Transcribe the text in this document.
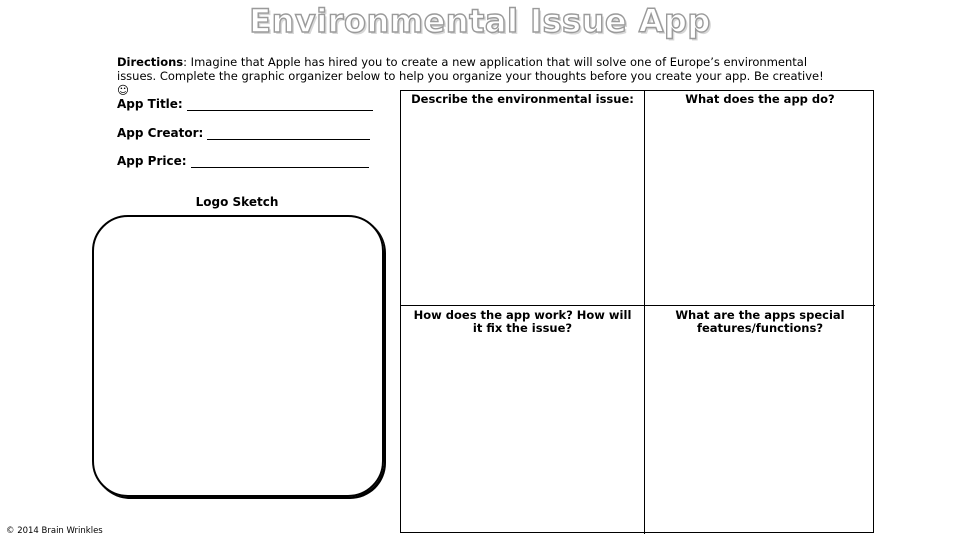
Environmental Issue App
Directions: Imagine that Apple has hired you to create a new application that will solve one of Europe’s environmental issues. Complete the graphic organizer below to help you organize your thoughts before you create your app. Be creative! ☺
App Title:
App Creator:
App Price:
Logo Sketch
Describe the environmental issue:	What does the app do?
How does the app work? How will it fix the issue?
What are the apps special features/functions?
© 2014 Brain Wrinkles
